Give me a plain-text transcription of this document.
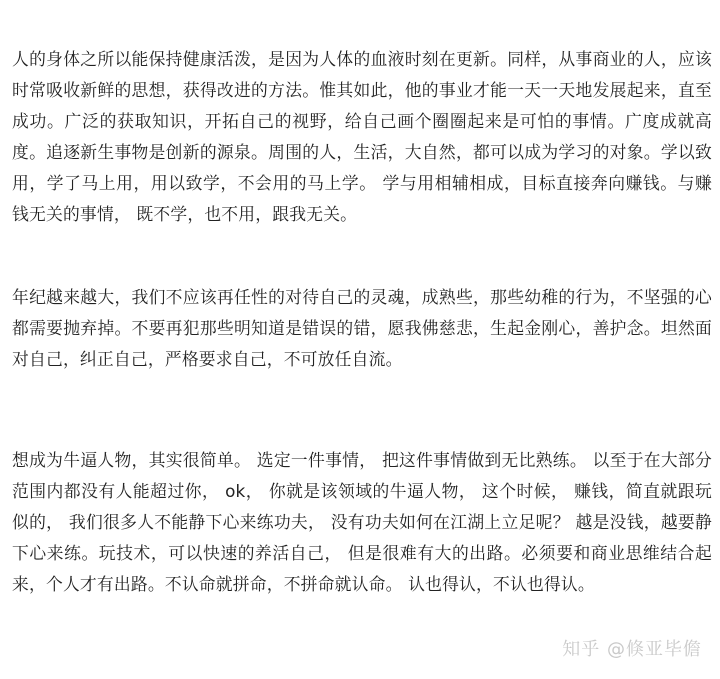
人的身体之所以能保持健康活泼，是因为人体的血液时刻在更新。同样，从事商业的人，应该时常吸收新鲜的思想，获得改进的方法。惟其如此，他的事业才能一天一天地发展起来，直至成功。广泛的获取知识，开拓自己的视野，给自己画个圈圈起来是可怕的事情。广度成就高度。追逐新生事物是创新的源泉。周围的人，生活，大自然，都可以成为学习的对象。学以致用，学了马上用，用以致学，不会用的马上学。 学与用相辅相成，目标直接奔向赚钱。与赚钱无关的事情， 既不学，也不用，跟我无关。

年纪越来越大，我们不应该再任性的对待自己的灵魂，成熟些，那些幼稚的行为，不坚强的心都需要抛弃掉。不要再犯那些明知道是错误的错，愿我佛慈悲，生起金刚心，善护念。坦然面对自己，纠正自己，严格要求自己，不可放任自流。

想成为牛逼人物，其实很简单。 选定一件事情， 把这件事情做到无比熟练。 以至于在大部分 范围内都没有人能超过你， ok， 你就是该领域的牛逼人物， 这个时候， 赚钱，简直就跟玩似的， 我们很多人不能静下心来练功夫， 没有功夫如何在江湖上立足呢？ 越是没钱，越要静下心来练。玩技术，可以快速的养活自己， 但是很难有大的出路。必须要和商业思维结合起来，个人才有出路。不认命就拼命，不拼命就认命。 认也得认，不认也得认。

知乎 @倏亚毕儋
